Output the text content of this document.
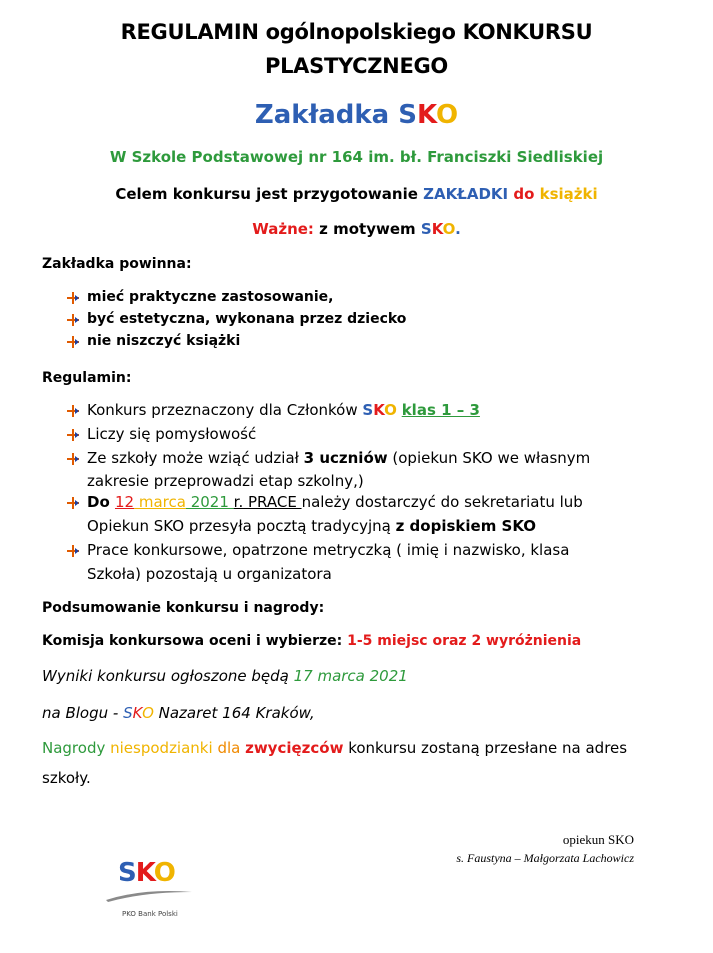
REGULAMIN ogólnopolskiego KONKURSU
PLASTYCZNEGO
Zakładka SKO
W Szkole Podstawowej nr 164 im. bł. Franciszki Siedliskiej
Celem konkursu jest przygotowanie ZAKŁADKI do książki
Ważne: z motywem SKO.
Zakładka powinna:
mieć praktyczne zastosowanie,
być estetyczna, wykonana przez dziecko
nie niszczyć książki
Regulamin:
Konkurs przeznaczony dla Członków SKO klas 1 – 3
Liczy się pomysłowość
Ze szkoły może wziąć udział 3 uczniów (opiekun SKO we własnym
zakresie przeprowadzi etap szkolny,)
Do 12 marca 2021 r. PRACE należy dostarczyć do sekretariatu lub
Opiekun SKO przesyła pocztą tradycyjną z dopiskiem SKO
Prace konkursowe, opatrzone metryczką ( imię i nazwisko, klasa
Szkoła) pozostają u organizatora
Podsumowanie konkursu i nagrody:
Komisja konkursowa oceni i wybierze: 1-5 miejsc oraz 2 wyróżnienia
Wyniki konkursu ogłoszone będą 17 marca 2021
na Blogu - SKO Nazaret 164 Kraków,
Nagrody niespodzianki dla zwycięzców konkursu zostaną przesłane na adres
szkoły.
opiekun SKO
s. Faustyna – Małgorzata Lachowicz
SKO
PKO Bank Polski
